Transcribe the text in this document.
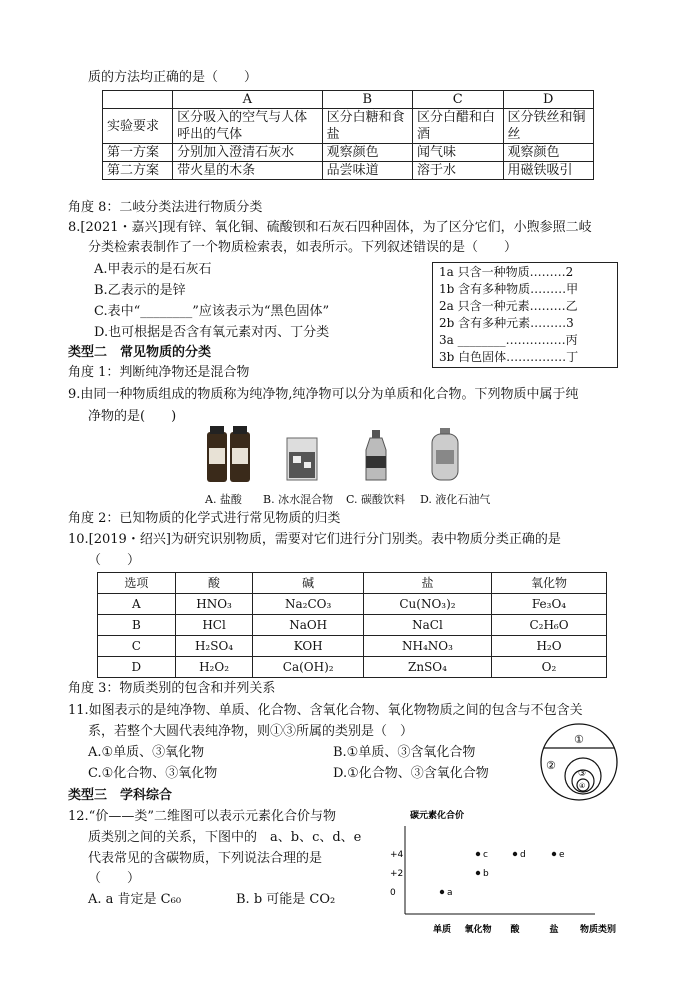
质的方法均正确的是（　　）
	A	B	C	D
实验要求	区分吸入的空气与人体呼出的气体	区分白糖和食盐	区分白醋和白酒	区分铁丝和铜丝
第一方案	分别加入澄清石灰水	观察颜色	闻气味	观察颜色
第二方案	带火星的木条	品尝味道	溶于水	用磁铁吸引
角度 8：二岐分类法进行物质分类
8.[2021・嘉兴]现有锌、氧化铜、硫酸钡和石灰石四种固体，为了区分它们，小煦参照二岐
分类检索表制作了一个物质检索表，如表所示。下列叙述错误的是（　　）
A.甲表示的是石灰石
B.乙表示的是锌
C.表中“________”应该表示为“黑色固体”
D.也可根据是否含有氧元素对丙、丁分类
1a 只含一种物质………2
1b 含有多种物质………甲
2a 只含一种元素………乙
2b 含有多种元素………3
3a ________……………丙
3b 白色固体……………丁
类型二　常见物质的分类
角度 1：判断纯净物还是混合物
9.由同一种物质组成的物质称为纯净物,纯净物可以分为单质和化合物。下列物质中属于纯
净物的是(　　)
A. 盐酸 B. 冰水混合物 C. 碳酸饮料 D. 液化石油气
角度 2：已知物质的化学式进行常见物质的归类
10.[2019・绍兴]为研究识别物质，需要对它们进行分门别类。表中物质分类正确的是
（　　）
选项	酸	碱	盐	氧化物
A	HNO₃	Na₂CO₃	Cu(NO₃)₂	Fe₃O₄
B	HCl	NaOH	NaCl	C₂H₆O
C	H₂SO₄	KOH	NH₄NO₃	H₂O
D	H₂O₂	Ca(OH)₂	ZnSO₄	O₂
角度 3：物质类别的包含和并列关系
11.如图表示的是纯净物、单质、化合物、含氧化合物、氧化物物质之间的包含与不包含关
系，若整个大圆代表纯净物，则①③所属的类别是（　）
A.①单质、③氧化物	B.①单质、③含氧化合物
C.①化合物、③氧化物	D.①化合物、③含氧化合物
①
②
③
④
类型三　学科综合
12.“价——类”二维图可以表示元素化合价与物
质类别之间的关系，下图中的　a、b、c、d、e
代表常见的含碳物质，下列说法合理的是
（　　）
A. a 肯定是 C₆₀	B. b 可能是 CO₂
碳元素化合价
+4
+2
0
单质 氧化物 酸	盐
a
b
c	d	e
物质类别
